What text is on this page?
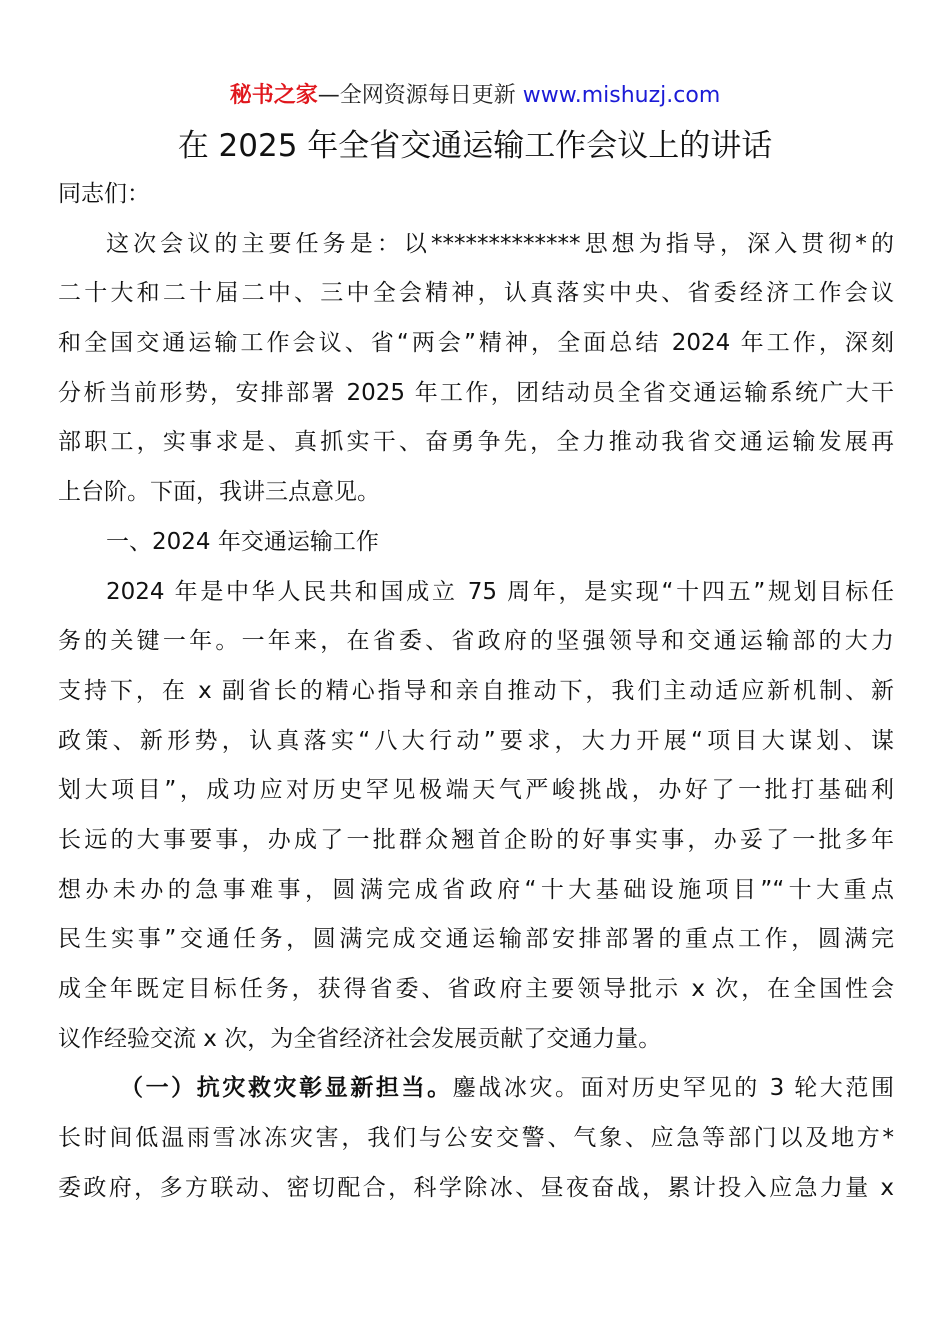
秘书之家—全网资源每日更新 www.mishuzj.com
在 2025 年全省交通运输工作会议上的讲话
同志们：
这次会议的主要任务是：以*************思想为指导，深入贯彻*的
二十大和二十届二中、三中全会精神，认真落实中央、省委经济工作会议
和全国交通运输工作会议、省“两会”精神，全面总结 2024 年工作，深刻
分析当前形势，安排部署 2025 年工作，团结动员全省交通运输系统广大干
部职工，实事求是、真抓实干、奋勇争先，全力推动我省交通运输发展再
上台阶。下面，我讲三点意见。
一、2024 年交通运输工作
2024 年是中华人民共和国成立 75 周年，是实现“十四五”规划目标任
务的关键一年。一年来，在省委、省政府的坚强领导和交通运输部的大力
支持下，在 x 副省长的精心指导和亲自推动下，我们主动适应新机制、新
政策、新形势，认真落实“八大行动”要求，大力开展“项目大谋划、谋
划大项目”，成功应对历史罕见极端天气严峻挑战，办好了一批打基础利
长远的大事要事，办成了一批群众翘首企盼的好事实事，办妥了一批多年
想办未办的急事难事，圆满完成省政府“十大基础设施项目”“十大重点
民生实事”交通任务，圆满完成交通运输部安排部署的重点工作，圆满完
成全年既定目标任务，获得省委、省政府主要领导批示 x 次，在全国性会
议作经验交流 x 次，为全省经济社会发展贡献了交通力量。
（一）抗灾救灾彰显新担当。鏖战冰灾。面对历史罕见的 3 轮大范围
长时间低温雨雪冰冻灾害，我们与公安交警、气象、应急等部门以及地方*
委政府，多方联动、密切配合，科学除冰、昼夜奋战，累计投入应急力量 x
